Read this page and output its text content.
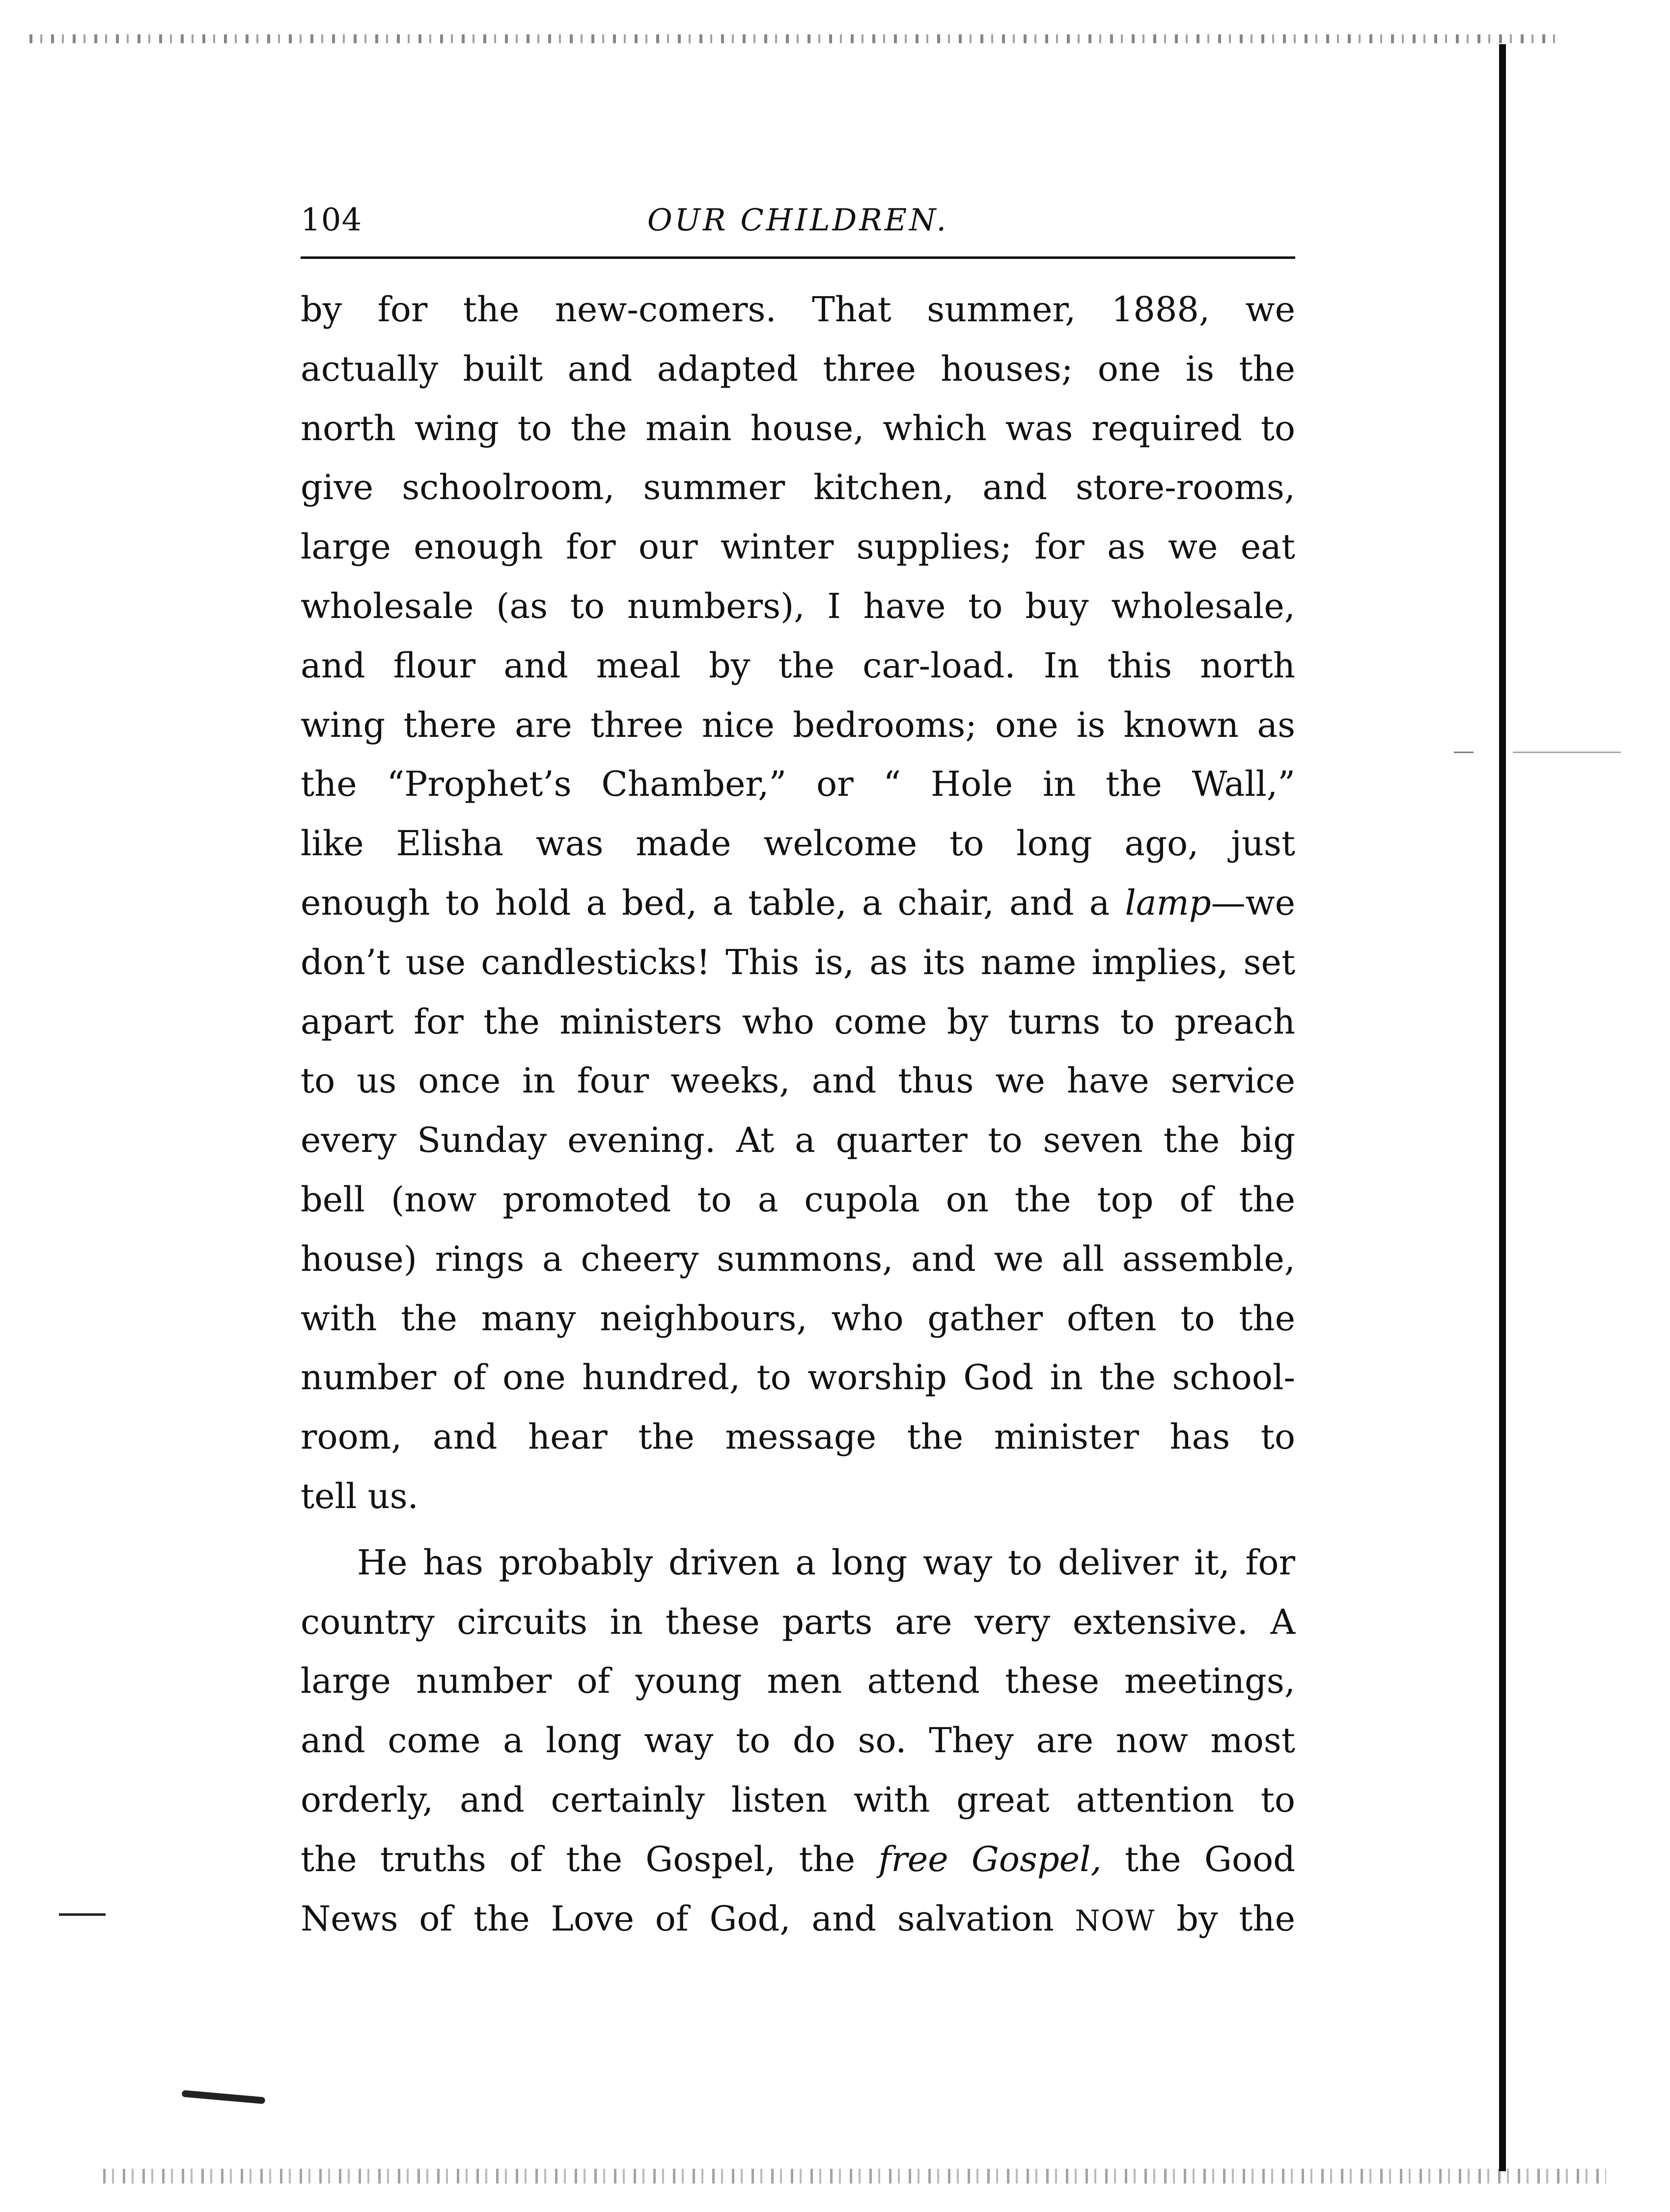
104	OUR CHILDREN.
by for the new-comers. That summer, 1888, we
actually built and adapted three houses; one is the
north wing to the main house, which was required to
give schoolroom, summer kitchen, and store-rooms,
large enough for our winter supplies; for as we eat
wholesale (as to numbers), I have to buy wholesale,
and flour and meal by the car-load. In this north
wing there are three nice bedrooms; one is known as
the “Prophet’s Chamber,” or “ Hole in the Wall,”
like Elisha was made welcome to long ago, just
enough to hold a bed, a table, a chair, and a lamp—we
don’t use candlesticks! This is, as its name implies, set
apart for the ministers who come by turns to preach
to us once in four weeks, and thus we have service
every Sunday evening. At a quarter to seven the big
bell (now promoted to a cupola on the top of the
house) rings a cheery summons, and we all assemble,
with the many neighbours, who gather often to the
number of one hundred, to worship God in the school-
room, and hear the message the minister has to
tell us.
He has probably driven a long way to deliver it, for
country circuits in these parts are very extensive. A
large number of young men attend these meetings,
and come a long way to do so. They are now most
orderly, and certainly listen with great attention to
the truths of the Gospel, the free Gospel, the Good
News of the Love of God, and salvation NOW by the
